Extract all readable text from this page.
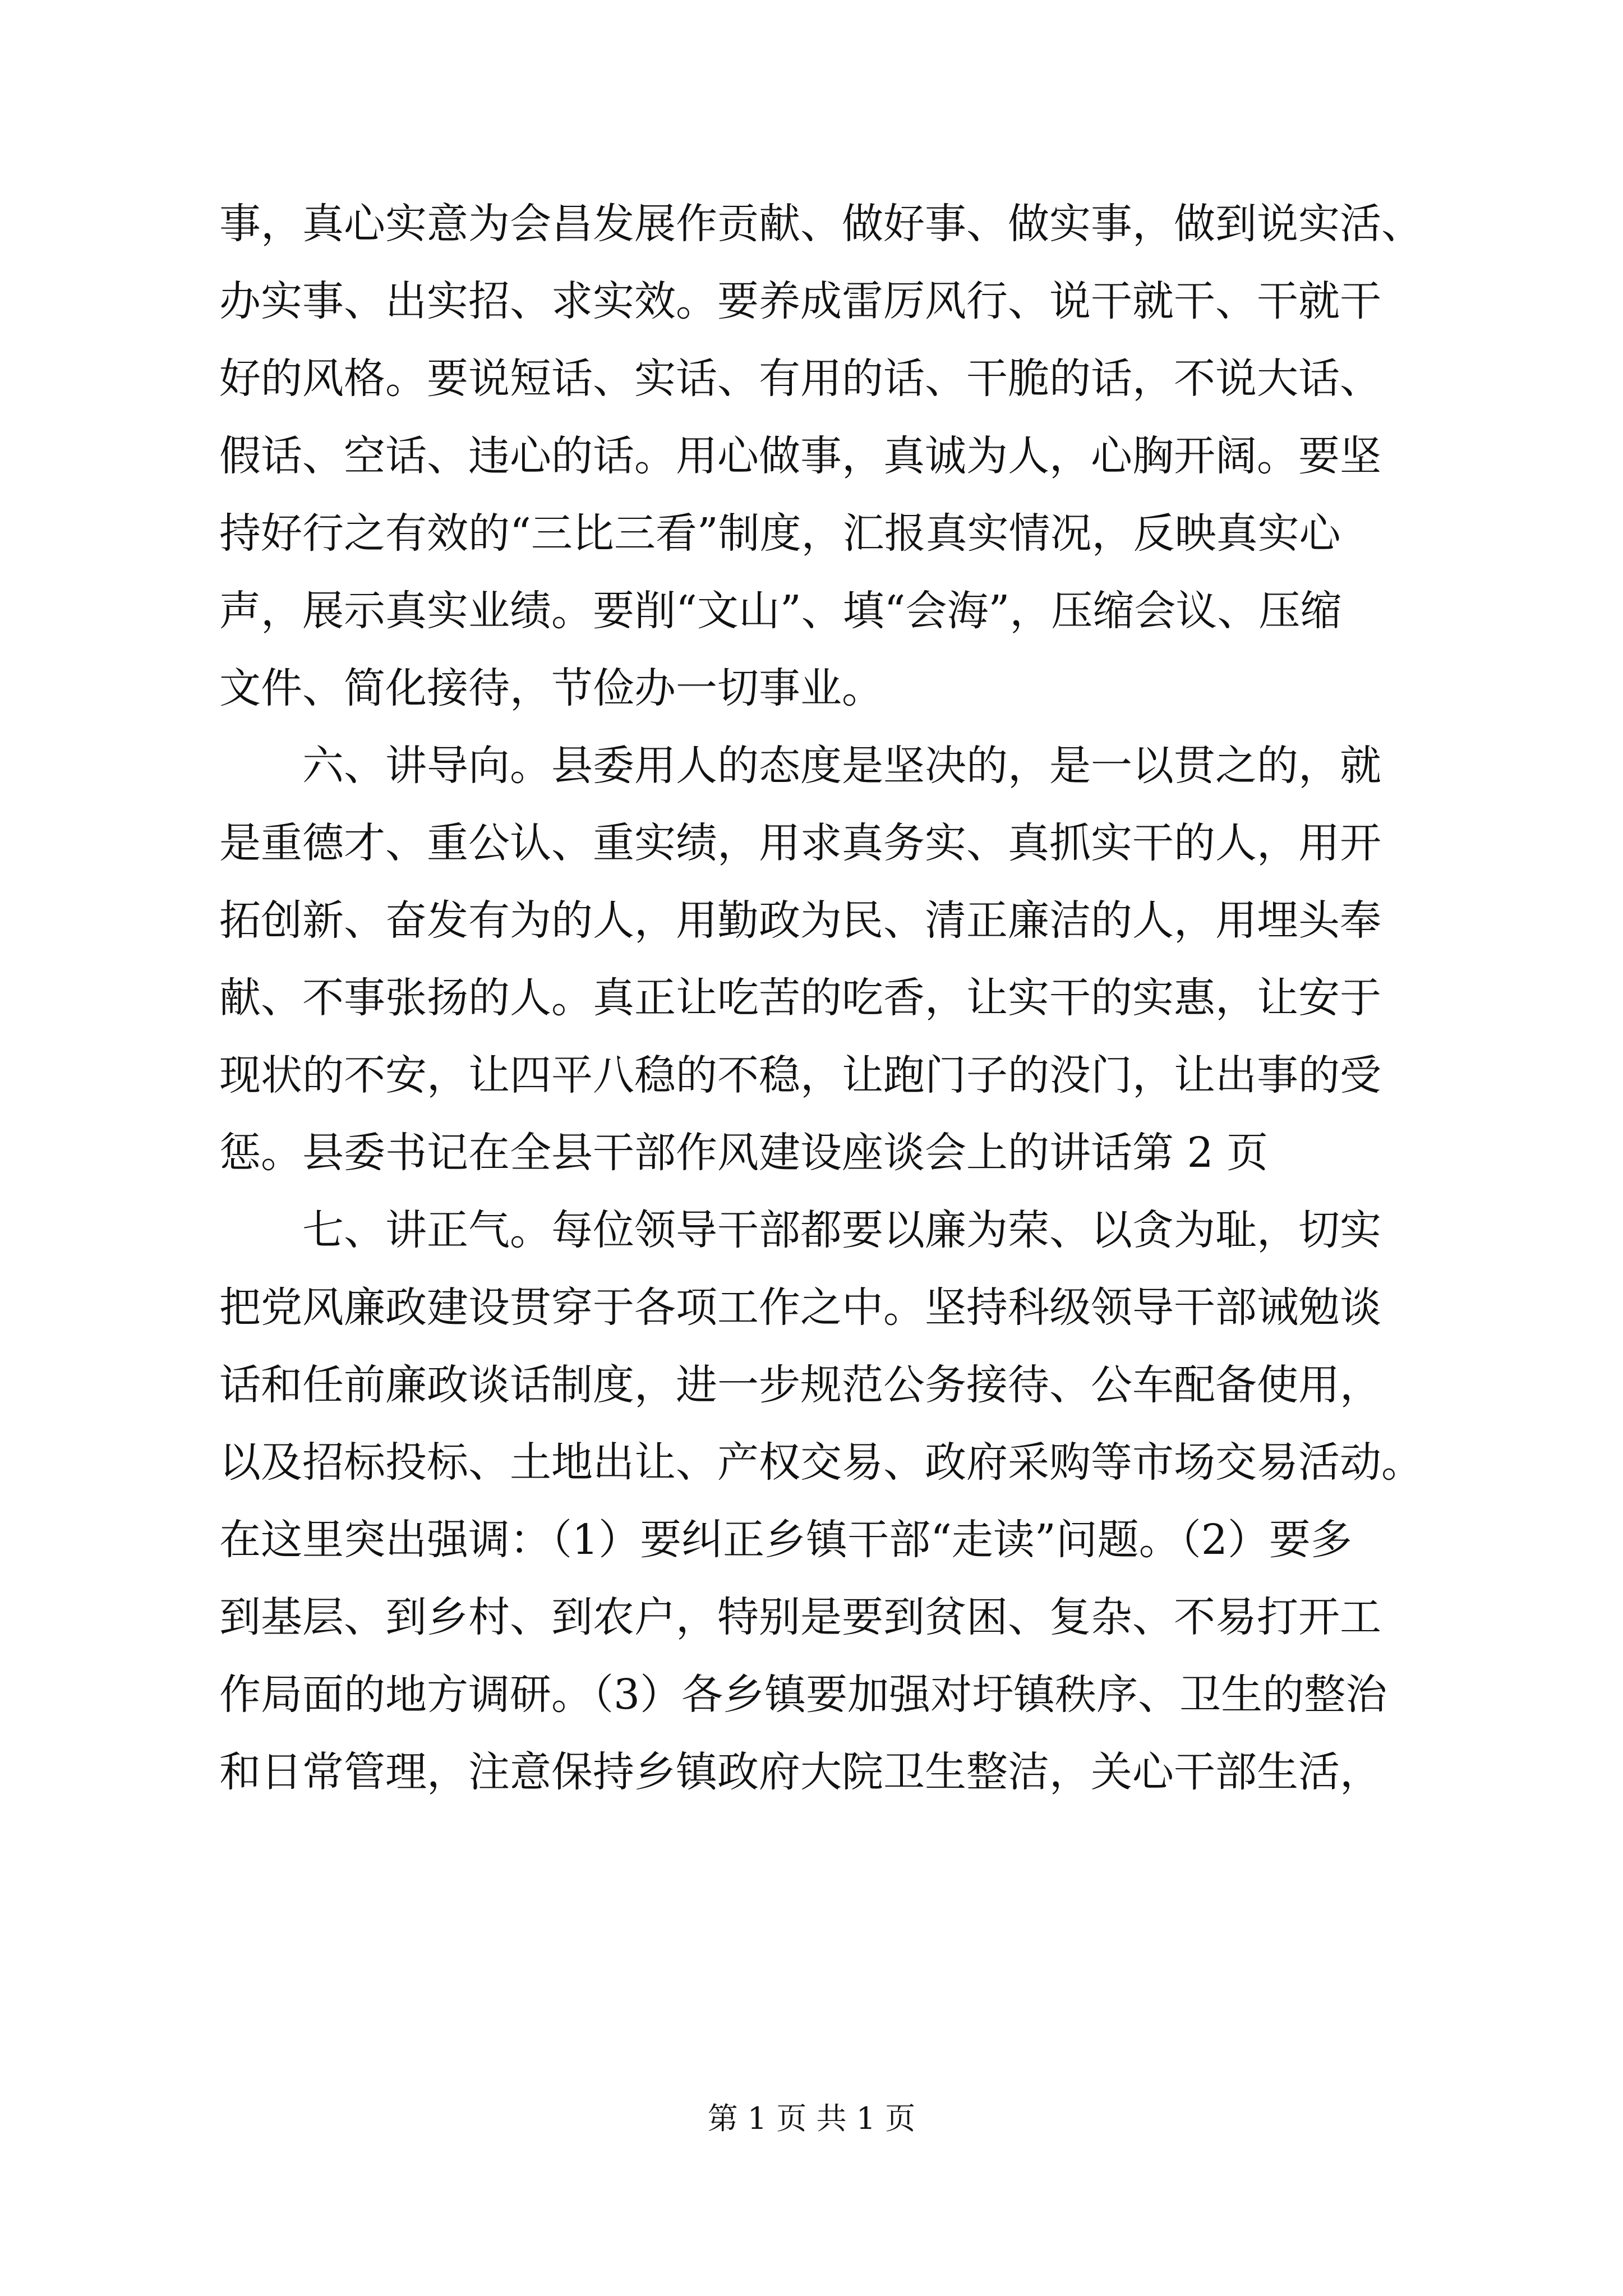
事，真心实意为会昌发展作贡献、做好事、做实事，做到说实活、
办实事、出实招、求实效。要养成雷厉风行、说干就干、干就干
好的风格。要说短话、实话、有用的话、干脆的话，不说大话、
假话、空话、违心的话。用心做事，真诚为人，心胸开阔。要坚
持好行之有效的“三比三看”制度，汇报真实情况，反映真实心
声，展示真实业绩。要削“文山”、填“会海”，压缩会议、压缩
文件、简化接待，节俭办一切事业。
六、讲导向。县委用人的态度是坚决的，是一以贯之的，就
是重德才、重公认、重实绩，用求真务实、真抓实干的人，用开
拓创新、奋发有为的人，用勤政为民、清正廉洁的人，用埋头奉
献、不事张扬的人。真正让吃苦的吃香，让实干的实惠，让安于
现状的不安，让四平八稳的不稳，让跑门子的没门，让出事的受
惩。县委书记在全县干部作风建设座谈会上的讲话第 2 页
七、讲正气。每位领导干部都要以廉为荣、以贪为耻，切实
把党风廉政建设贯穿于各项工作之中。坚持科级领导干部诫勉谈
话和任前廉政谈话制度，进一步规范公务接待、公车配备使用，
以及招标投标、土地出让、产权交易、政府采购等市场交易活动。
在这里突出强调：（1）要纠正乡镇干部“走读”问题。（2）要多
到基层、到乡村、到农户，特别是要到贫困、复杂、不易打开工
作局面的地方调研。（3）各乡镇要加强对圩镇秩序、卫生的整治
和日常管理，注意保持乡镇政府大院卫生整洁，关心干部生活，
第 1 页 共 1 页
